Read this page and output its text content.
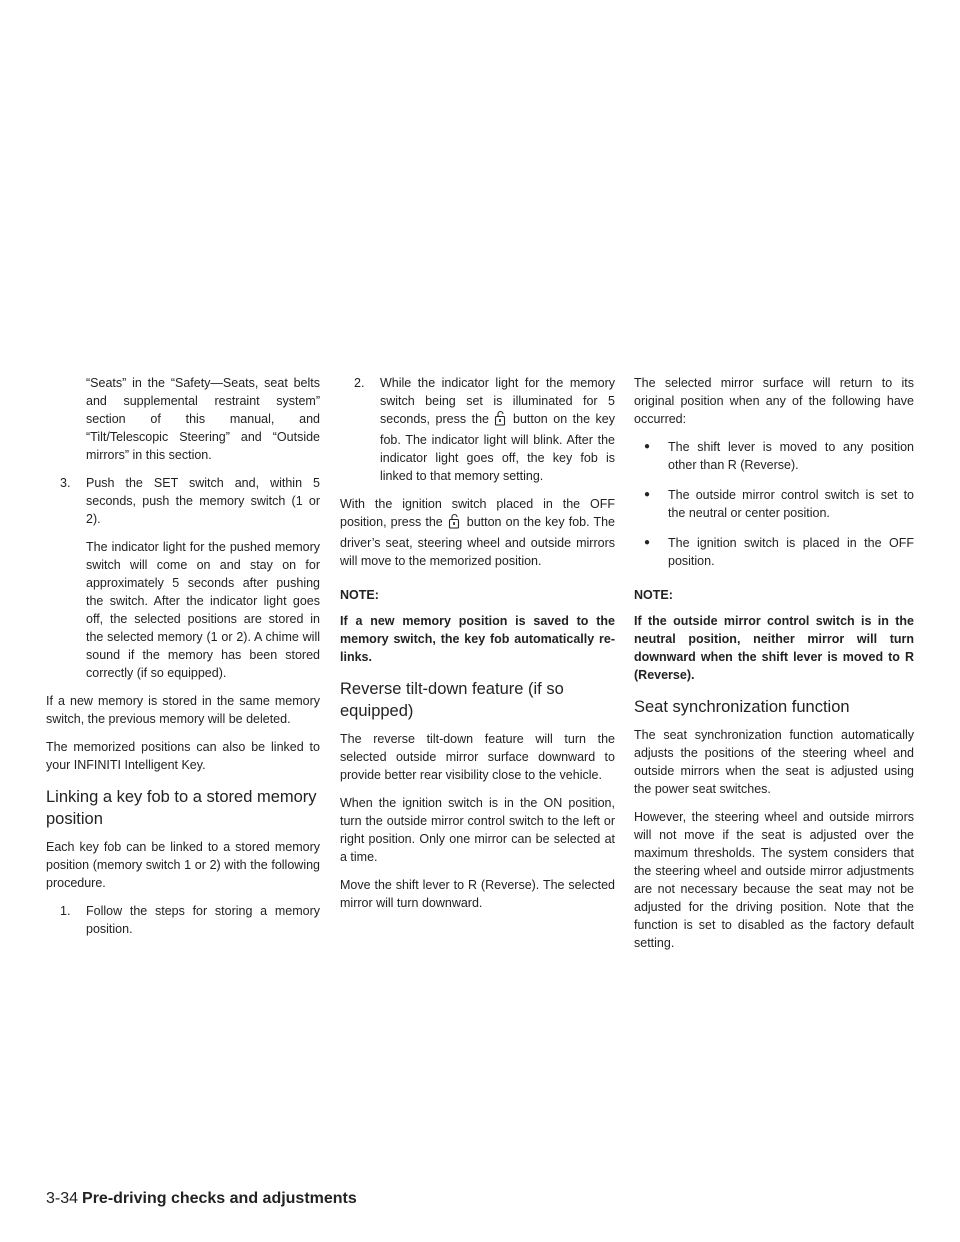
“Seats” in the “Safety—Seats, seat belts and supplemental restraint system” section of this manual, and “Tilt/Telescopic Steering” and “Outside mirrors” in this section.

3.	Push the SET switch and, within 5 seconds, push the memory switch (1 or 2).

The indicator light for the pushed memory switch will come on and stay on for approximately 5 seconds after pushing the switch. After the indicator light goes off, the selected positions are stored in the selected memory (1 or 2). A chime will sound if the memory has been stored correctly (if so equipped).

If a new memory is stored in the same memory switch, the previous memory will be deleted.

The memorized positions can also be linked to your INFINITI Intelligent Key.

Linking a key fob to a stored memory position

Each key fob can be linked to a stored memory position (memory switch 1 or 2) with the following procedure.

1.	Follow the steps for storing a memory position.
2.	While the indicator light for the memory switch being set is illuminated for 5 seconds, press the button on the key fob. The indicator light will blink. After the indicator light goes off, the key fob is linked to that memory setting.

With the ignition switch placed in the OFF position, press the button on the key fob. The driver’s seat, steering wheel and outside mirrors will move to the memorized position.

NOTE:

If a new memory position is saved to the memory switch, the key fob automatically re-links.

Reverse tilt-down feature (if so equipped)

The reverse tilt-down feature will turn the selected outside mirror surface downward to provide better rear visibility close to the vehicle.

When the ignition switch is in the ON position, turn the outside mirror control switch to the left or right position. Only one mirror can be selected at a time.

Move the shift lever to R (Reverse). The selected mirror will turn downward.

The selected mirror surface will return to its original position when any of the following have occurred:

●	The shift lever is moved to any position other than R (Reverse).
●	The outside mirror control switch is set to the neutral or center position.
●	The ignition switch is placed in the OFF position.
NOTE:

If the outside mirror control switch is in the neutral position, neither mirror will turn downward when the shift lever is moved to R (Reverse).

Seat synchronization function

The seat synchronization function automatically adjusts the positions of the steering wheel and outside mirrors when the seat is adjusted using the power seat switches.

However, the steering wheel and outside mirrors will not move if the seat is adjusted over the maximum thresholds. The system considers that the steering wheel and outside mirror adjustments are not necessary because the seat may not be adjusted for the driving position. Note that the function is set to disabled as the factory default setting.

3-34 Pre-driving checks and adjustments
